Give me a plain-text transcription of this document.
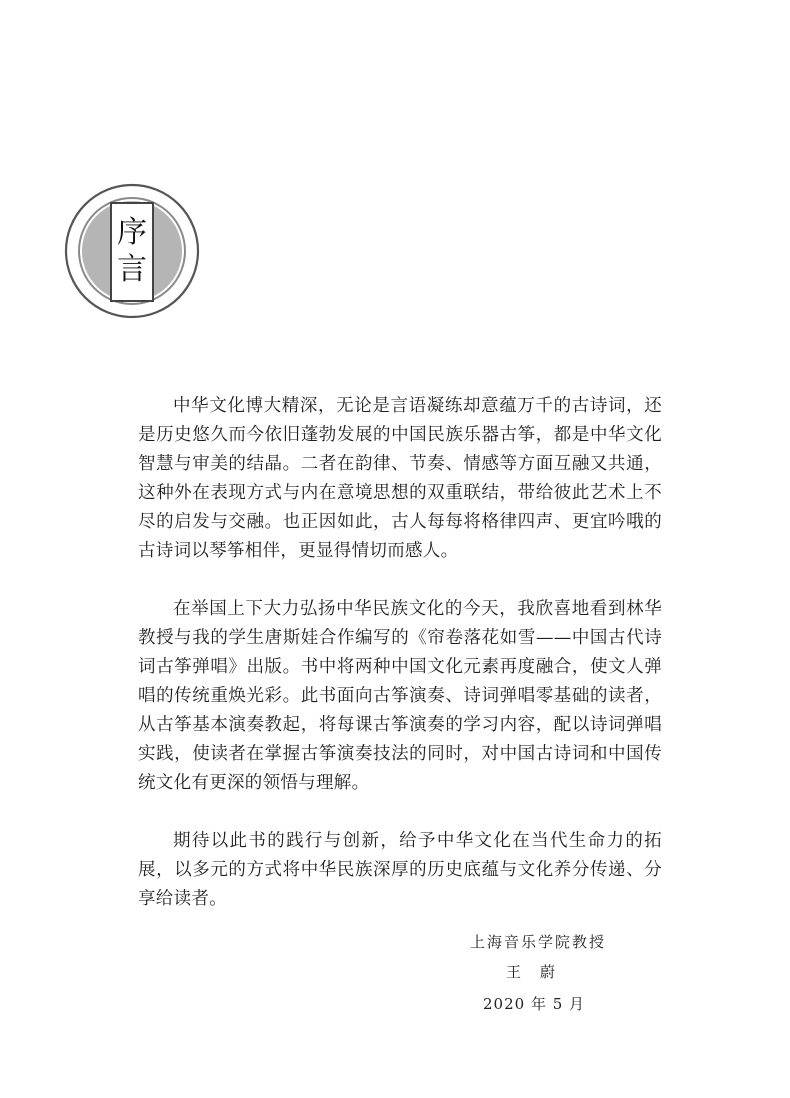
序
言

中华文化博大精深，无论是言语凝练却意蕴万千的古诗词，还是历史悠久而今依旧蓬勃发展的中国民族乐器古筝，都是中华文化智慧与审美的结晶。二者在韵律、节奏、情感等方面互融又共通，这种外在表现方式与内在意境思想的双重联结，带给彼此艺术上不尽的启发与交融。也正因如此，古人每每将格律四声、更宜吟哦的古诗词以琴筝相伴，更显得情切而感人。

在举国上下大力弘扬中华民族文化的今天，我欣喜地看到林华教授与我的学生唐斯娃合作编写的《帘卷落花如雪——中国古代诗词古筝弹唱》出版。书中将两种中国文化元素再度融合，使文人弹唱的传统重焕光彩。此书面向古筝演奏、诗词弹唱零基础的读者，从古筝基本演奏教起，将每课古筝演奏的学习内容，配以诗词弹唱实践，使读者在掌握古筝演奏技法的同时，对中国古诗词和中国传统文化有更深的领悟与理解。

期待以此书的践行与创新，给予中华文化在当代生命力的拓展，以多元的方式将中华民族深厚的历史底蕴与文化养分传递、分享给读者。

上海音乐学院教授
王　蔚
2020 年 5 月
